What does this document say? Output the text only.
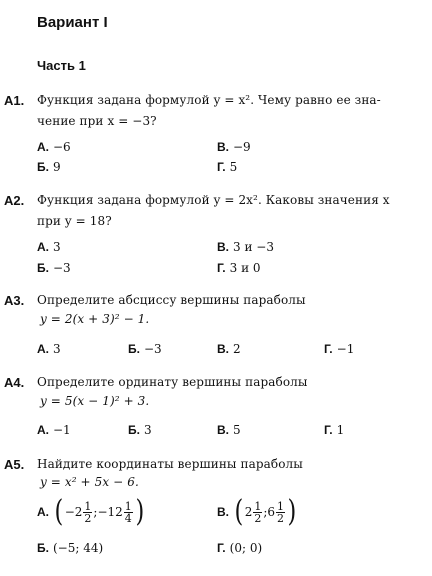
Вариант I
Часть 1
А1. Функция задана формулой y = x². Чему равно ее зна-
чение при x = −3?
А. −6	В. −9
Б. 9	Г. 5
А2. Функция задана формулой y = 2x². Каковы значения x
при y = 18?
А. 3	В. 3 и −3
Б. −3	Г. 3 и 0
А3. Определите абсциссу вершины параболы
y = 2(x + 3)² − 1.
А. 3	Б. −3	В. 2	Г. −1
А4. Определите ординату вершины параболы
y = 5(x − 1)² + 3.
А. −1	Б. 3	В. 5	Г. 1
А5. Найдите координаты вершины параболы
y = x² + 5x − 6.
А. ( $-2 \frac{1}{2}$ ;−12 $\frac{1}{4}$ )	В. ( $2 \frac{1}{2}$ ;6 $\frac{1}{2}$ )
Б. (−5; 44)	Г. (0; 0)
